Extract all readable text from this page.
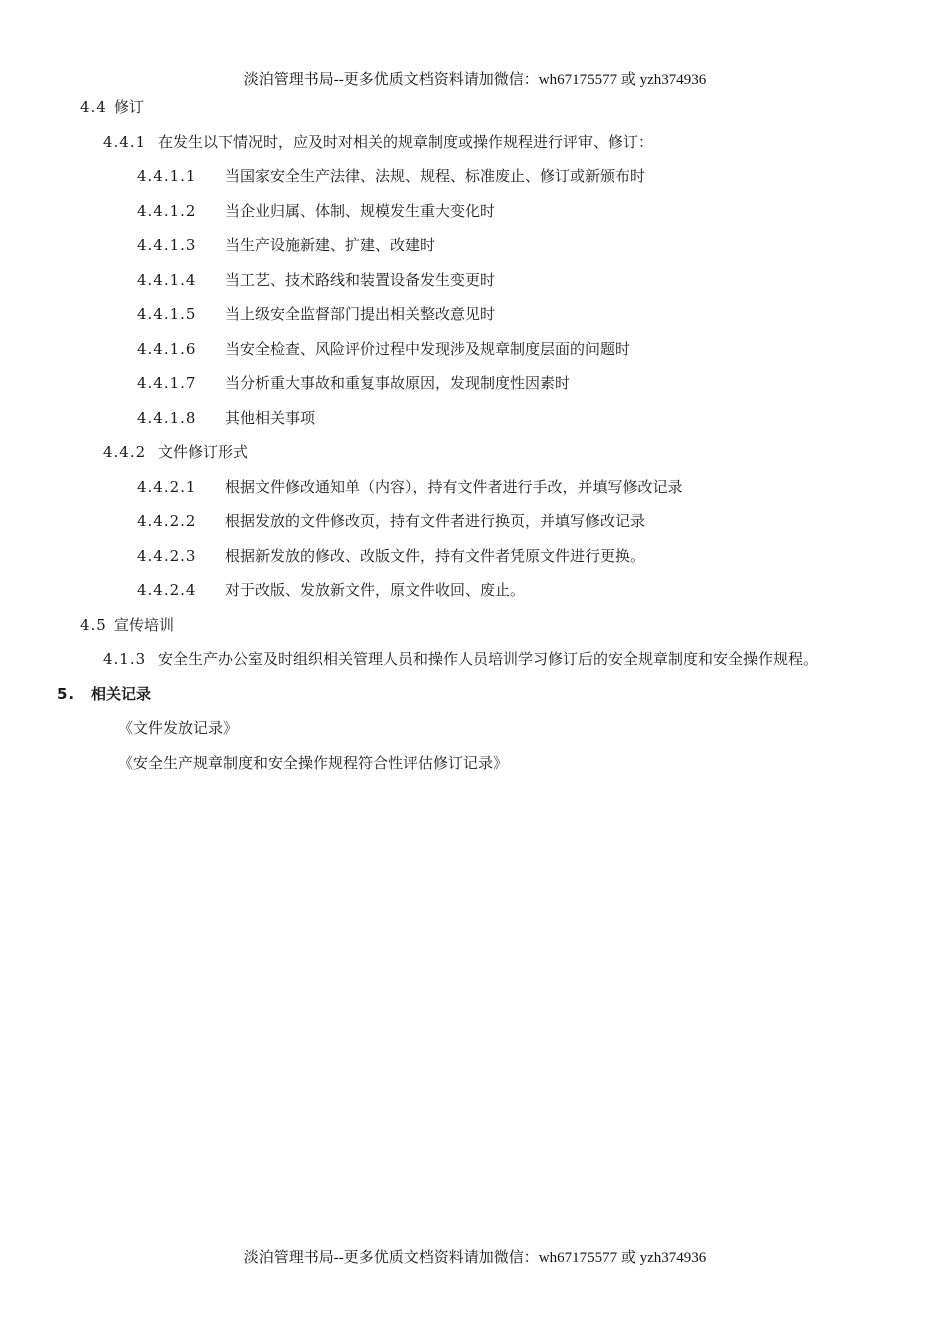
淡泊管理书局--更多优质文档资料请加微信：wh67175577 或 yzh374936
4.4 修订
4.4.1 在发生以下情况时，应及时对相关的规章制度或操作规程进行评审、修订：
4.4.1.1 当国家安全生产法律、法规、规程、标准废止、修订或新颁布时
4.4.1.2 当企业归属、体制、规模发生重大变化时
4.4.1.3 当生产设施新建、扩建、改建时
4.4.1.4 当工艺、技术路线和装置设备发生变更时
4.4.1.5 当上级安全监督部门提出相关整改意见时
4.4.1.6 当安全检查、风险评价过程中发现涉及规章制度层面的问题时
4.4.1.7 当分析重大事故和重复事故原因，发现制度性因素时
4.4.1.8 其他相关事项
4.4.2 文件修订形式
4.4.2.1 根据文件修改通知单（内容），持有文件者进行手改，并填写修改记录
4.4.2.2 根据发放的文件修改页，持有文件者进行换页，并填写修改记录
4.4.2.3 根据新发放的修改、改版文件，持有文件者凭原文件进行更换。
4.4.2.4 对于改版、发放新文件，原文件收回、废止。
4.5 宣传培训
4.1.3 安全生产办公室及时组织相关管理人员和操作人员培训学习修订后的安全规章制度和安全操作规程。
5. 相关记录
《文件发放记录》
《安全生产规章制度和安全操作规程符合性评估修订记录》
淡泊管理书局--更多优质文档资料请加微信：wh67175577 或 yzh374936
